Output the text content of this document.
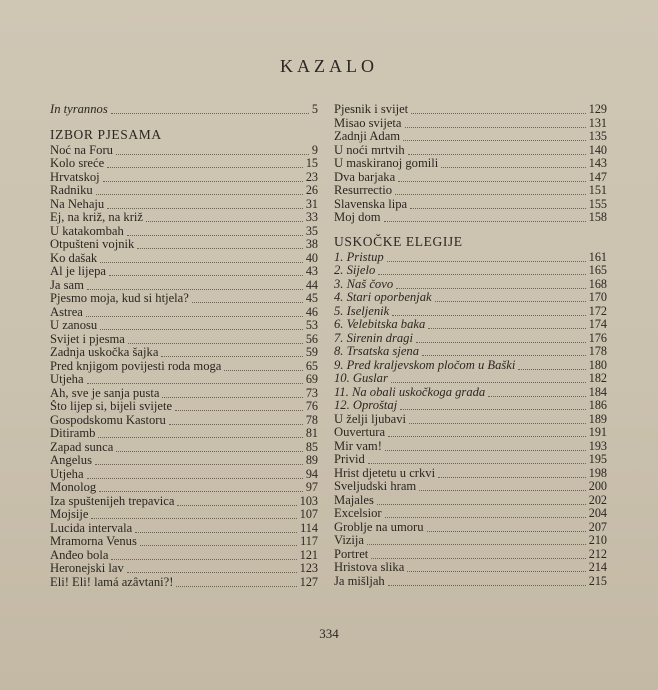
KAZALO
In tyrannos	5
IZBOR PJESAMA
Noć na Foru	9
Kolo sreće	15
Hrvatskoj	23
Radniku	26
Na Nehaju	31
Ej, na križ, na križ	33
U katakombah	35
Otpušteni vojnik	38
Ko dašak	40
Al je lijepa	43
Ja sam	44
Pjesmo moja, kud si htjela?	45
Astrea	46
U zanosu	53
Svijet i pjesma	56
Zadnja uskočka šajka	59
Pred knjigom povijesti roda moga	65
Utjeha	69
Ah, sve je sanja pusta	73
Što lijep si, bijeli svijete	76
Gospodskomu Kastoru	78
Ditiramb	81
Zapad sunca	85
Angelus	89
Utjeha	94
Monolog	97
Iza spuštenijeh trepavica	103
Mojsije	107
Lucida intervala	114
Mramorna Venus	117
Anđeo bola	121
Heronejski lav	123
Eli! Eli! lamá azâvtani?!	127
Pjesnik i svijet	129
Misao svijeta	131
Zadnji Adam	135
U noći mrtvih	140
U maskiranoj gomili	143
Dva barjaka	147
Resurrectio	151
Slavenska lipa	155
Moj dom	158
USKOČKE ELEGIJE
1. Pristup	161
2. Sijelo	165
3. Naš čovo	168
4. Stari oporbenjak	170
5. Iseljenik	172
6. Velebitska baka	174
7. Sirenin dragi	176
8. Trsatska sjena	178
9. Pred kraljevskom pločom u Baški	180
10. Guslar	182
11. Na obali uskočkoga grada	184
12. Oproštaj	186
U želji ljubavi	189
Ouvertura	191
Mir vam!	193
Privid	195
Hrist djetetu u crkvi	198
Sveljudski hram	200
Majales	202
Excelsior	204
Groblje na umoru	207
Vizija	210
Portret	212
Hristova slika	214
Ja mišljah	215
334
